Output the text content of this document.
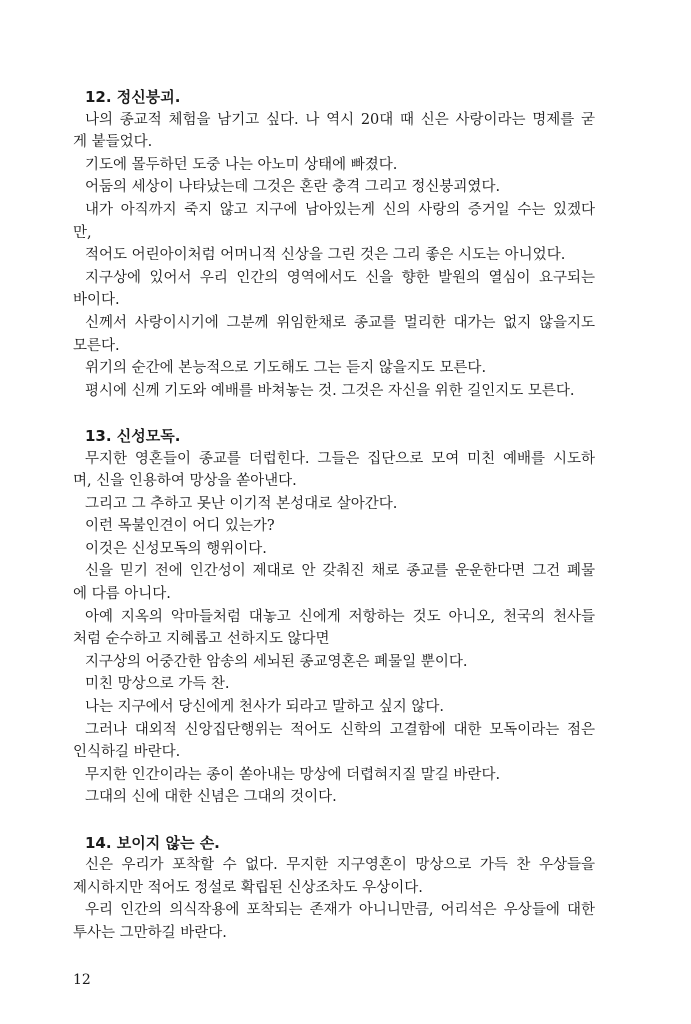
12. 정신붕괴.
나의 종교적 체험을 남기고 싶다. 나 역시 20대 때 신은 사랑이라는 명제를 굳
게 붙들었다.
기도에 몰두하던 도중 나는 아노미 상태에 빠졌다.
어둠의 세상이 나타났는데 그것은 혼란 충격 그리고 정신붕괴였다.
내가 아직까지 죽지 않고 지구에 남아있는게 신의 사랑의 증거일 수는 있겠다
만,
적어도 어린아이처럼 어머니적 신상을 그린 것은 그리 좋은 시도는 아니었다.
지구상에 있어서 우리 인간의 영역에서도 신을 향한 발원의 열심이 요구되는
바이다.
신께서 사랑이시기에 그분께 위임한채로 종교를 멀리한 대가는 없지 않을지도
모른다.
위기의 순간에 본능적으로 기도해도 그는 듣지 않을지도 모른다.
평시에 신께 기도와 예배를 바쳐놓는 것. 그것은 자신을 위한 길인지도 모른다.
13. 신성모독.
무지한 영혼들이 종교를 더럽힌다. 그들은 집단으로 모여 미친 예배를 시도하
며, 신을 인용하여 망상을 쏟아낸다.
그리고 그 추하고 못난 이기적 본성대로 살아간다.
이런 목불인견이 어디 있는가?
이것은 신성모독의 행위이다.
신을 믿기 전에 인간성이 제대로 안 갖춰진 채로 종교를 운운한다면 그건 폐물
에 다름 아니다.
아예 지옥의 악마들처럼 대놓고 신에게 저항하는 것도 아니오, 천국의 천사들
처럼 순수하고 지혜롭고 선하지도 않다면
지구상의 어중간한 암송의 세뇌된 종교영혼은 폐물일 뿐이다.
미친 망상으로 가득 찬.
나는 지구에서 당신에게 천사가 되라고 말하고 싶지 않다.
그러나 대외적 신앙집단행위는 적어도 신학의 고결함에 대한 모독이라는 점은
인식하길 바란다.
무지한 인간이라는 종이 쏟아내는 망상에 더렵혀지질 말길 바란다.
그대의 신에 대한 신념은 그대의 것이다.
14. 보이지 않는 손.
신은 우리가 포착할 수 없다. 무지한 지구영혼이 망상으로 가득 찬 우상들을
제시하지만 적어도 정설로 확립된 신상조차도 우상이다.
우리 인간의 의식작용에 포착되는 존재가 아니니만큼, 어리석은 우상들에 대한
투사는 그만하길 바란다.
12
